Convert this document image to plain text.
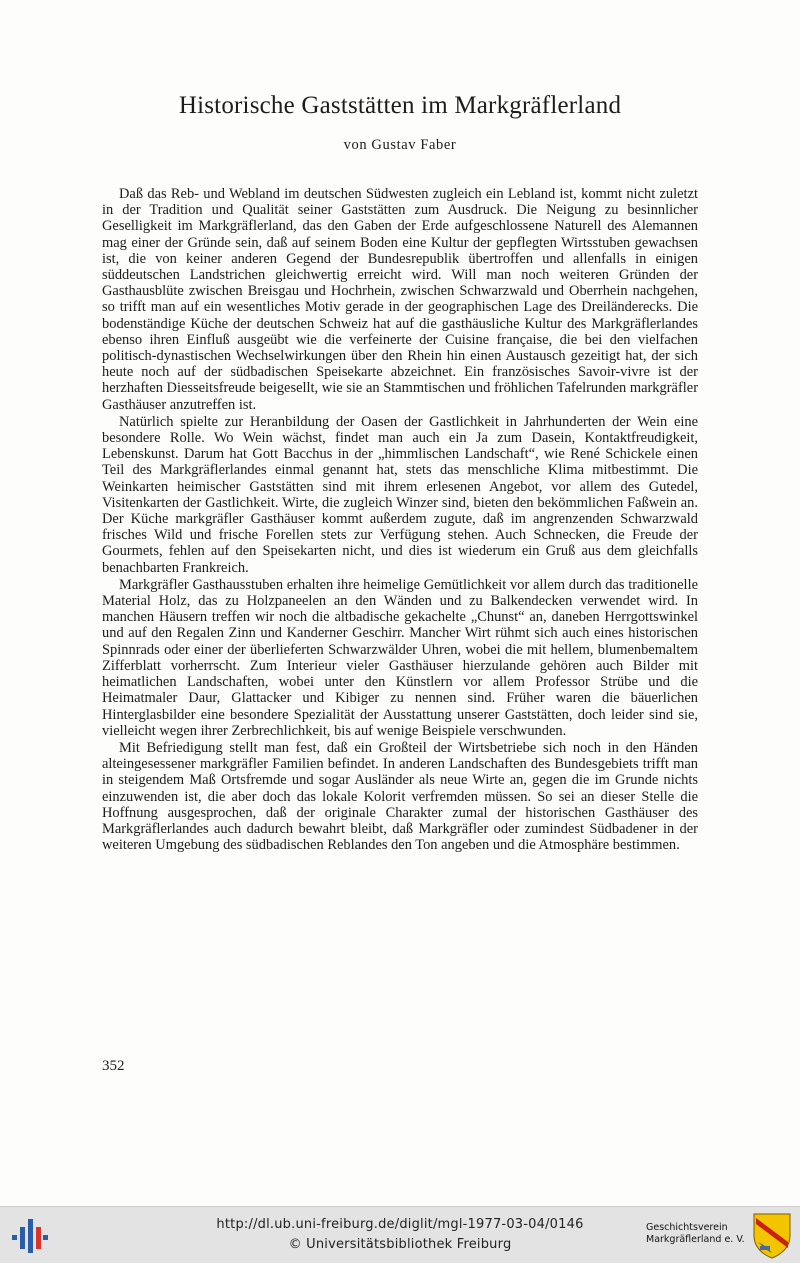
Historische Gaststätten im Markgräflerland
von Gustav Faber

Daß das Reb- und Webland im deutschen Südwesten zugleich ein Lebland ist, kommt nicht zuletzt in der Tradition und Qualität seiner Gaststätten zum Ausdruck. Die Neigung zu besinnlicher Geselligkeit im Markgräflerland, das den Gaben der Erde aufgeschlossene Naturell des Alemannen mag einer der Gründe sein, daß auf seinem Boden eine Kultur der gepflegten Wirtsstuben gewachsen ist, die von keiner anderen Gegend der Bundesrepublik übertroffen und allenfalls in einigen süddeutschen Landstrichen gleichwertig erreicht wird. Will man noch weiteren Gründen der Gasthausblüte zwischen Breisgau und Hochrhein, zwischen Schwarzwald und Oberrhein nachgehen, so trifft man auf ein wesentliches Motiv gerade in der geographischen Lage des Dreiländerecks. Die bodenständige Küche der deutschen Schweiz hat auf die gasthäusliche Kultur des Markgräflerlandes ebenso ihren Einfluß ausgeübt wie die verfeinerte der Cuisine française, die bei den vielfachen politisch-dynastischen Wechselwirkungen über den Rhein hin einen Austausch gezeitigt hat, der sich heute noch auf der südbadischen Speisekarte abzeichnet. Ein französisches Savoir-vivre ist der herzhaften Diesseitsfreude beigesellt, wie sie an Stammtischen und fröhlichen Tafelrunden markgräfler Gasthäuser anzutreffen ist.

Natürlich spielte zur Heranbildung der Oasen der Gastlichkeit in Jahrhunderten der Wein eine besondere Rolle. Wo Wein wächst, findet man auch ein Ja zum Dasein, Kontaktfreudigkeit, Lebenskunst. Darum hat Gott Bacchus in der „himmlischen Landschaft“, wie René Schickele einen Teil des Markgräflerlandes einmal genannt hat, stets das menschliche Klima mitbestimmt. Die Weinkarten heimischer Gaststätten sind mit ihrem erlesenen Angebot, vor allem des Gutedel, Visitenkarten der Gastlichkeit. Wirte, die zugleich Winzer sind, bieten den bekömmlichen Faßwein an. Der Küche markgräfler Gasthäuser kommt außerdem zugute, daß im angrenzenden Schwarzwald frisches Wild und frische Forellen stets zur Verfügung stehen. Auch Schnecken, die Freude der Gourmets, fehlen auf den Speisekarten nicht, und dies ist wiederum ein Gruß aus dem gleichfalls benachbarten Frankreich.

Markgräfler Gasthausstuben erhalten ihre heimelige Gemütlichkeit vor allem durch das traditionelle Material Holz, das zu Holzpaneelen an den Wänden und zu Balkendecken verwendet wird. In manchen Häusern treffen wir noch die altbadische gekachelte „Chunst“ an, daneben Herrgottswinkel und auf den Regalen Zinn und Kanderner Geschirr. Mancher Wirt rühmt sich auch eines historischen Spinnrads oder einer der überlieferten Schwarzwälder Uhren, wobei die mit hellem, blumenbemaltem Zifferblatt vorherrscht. Zum Interieur vieler Gasthäuser hierzulande gehören auch Bilder mit heimatlichen Landschaften, wobei unter den Künstlern vor allem Professor Strübe und die Heimatmaler Daur, Glattacker und Kibiger zu nennen sind. Früher waren die bäuerlichen Hinterglasbilder eine besondere Spezialität der Ausstattung unserer Gaststätten, doch leider sind sie, vielleicht wegen ihrer Zerbrechlichkeit, bis auf wenige Beispiele verschwunden.

Mit Befriedigung stellt man fest, daß ein Großteil der Wirtsbetriebe sich noch in den Händen alteingesessener markgräfler Familien befindet. In anderen Landschaften des Bundesgebiets trifft man in steigendem Maß Ortsfremde und sogar Ausländer als neue Wirte an, gegen die im Grunde nichts einzuwenden ist, die aber doch das lokale Kolorit verfremden müssen. So sei an dieser Stelle die Hoffnung ausgesprochen, daß der originale Charakter zumal der historischen Gasthäuser des Markgräflerlandes auch dadurch bewahrt bleibt, daß Markgräfler oder zumindest Südbadener in der weiteren Umgebung des südbadischen Reblandes den Ton angeben und die Atmosphäre bestimmen.

352
http://dl.ub.uni-freiburg.de/diglit/mgl-1977-03-04/0146
© Universitätsbibliothek Freiburg
Geschichtsverein
Markgräflerland e. V.
